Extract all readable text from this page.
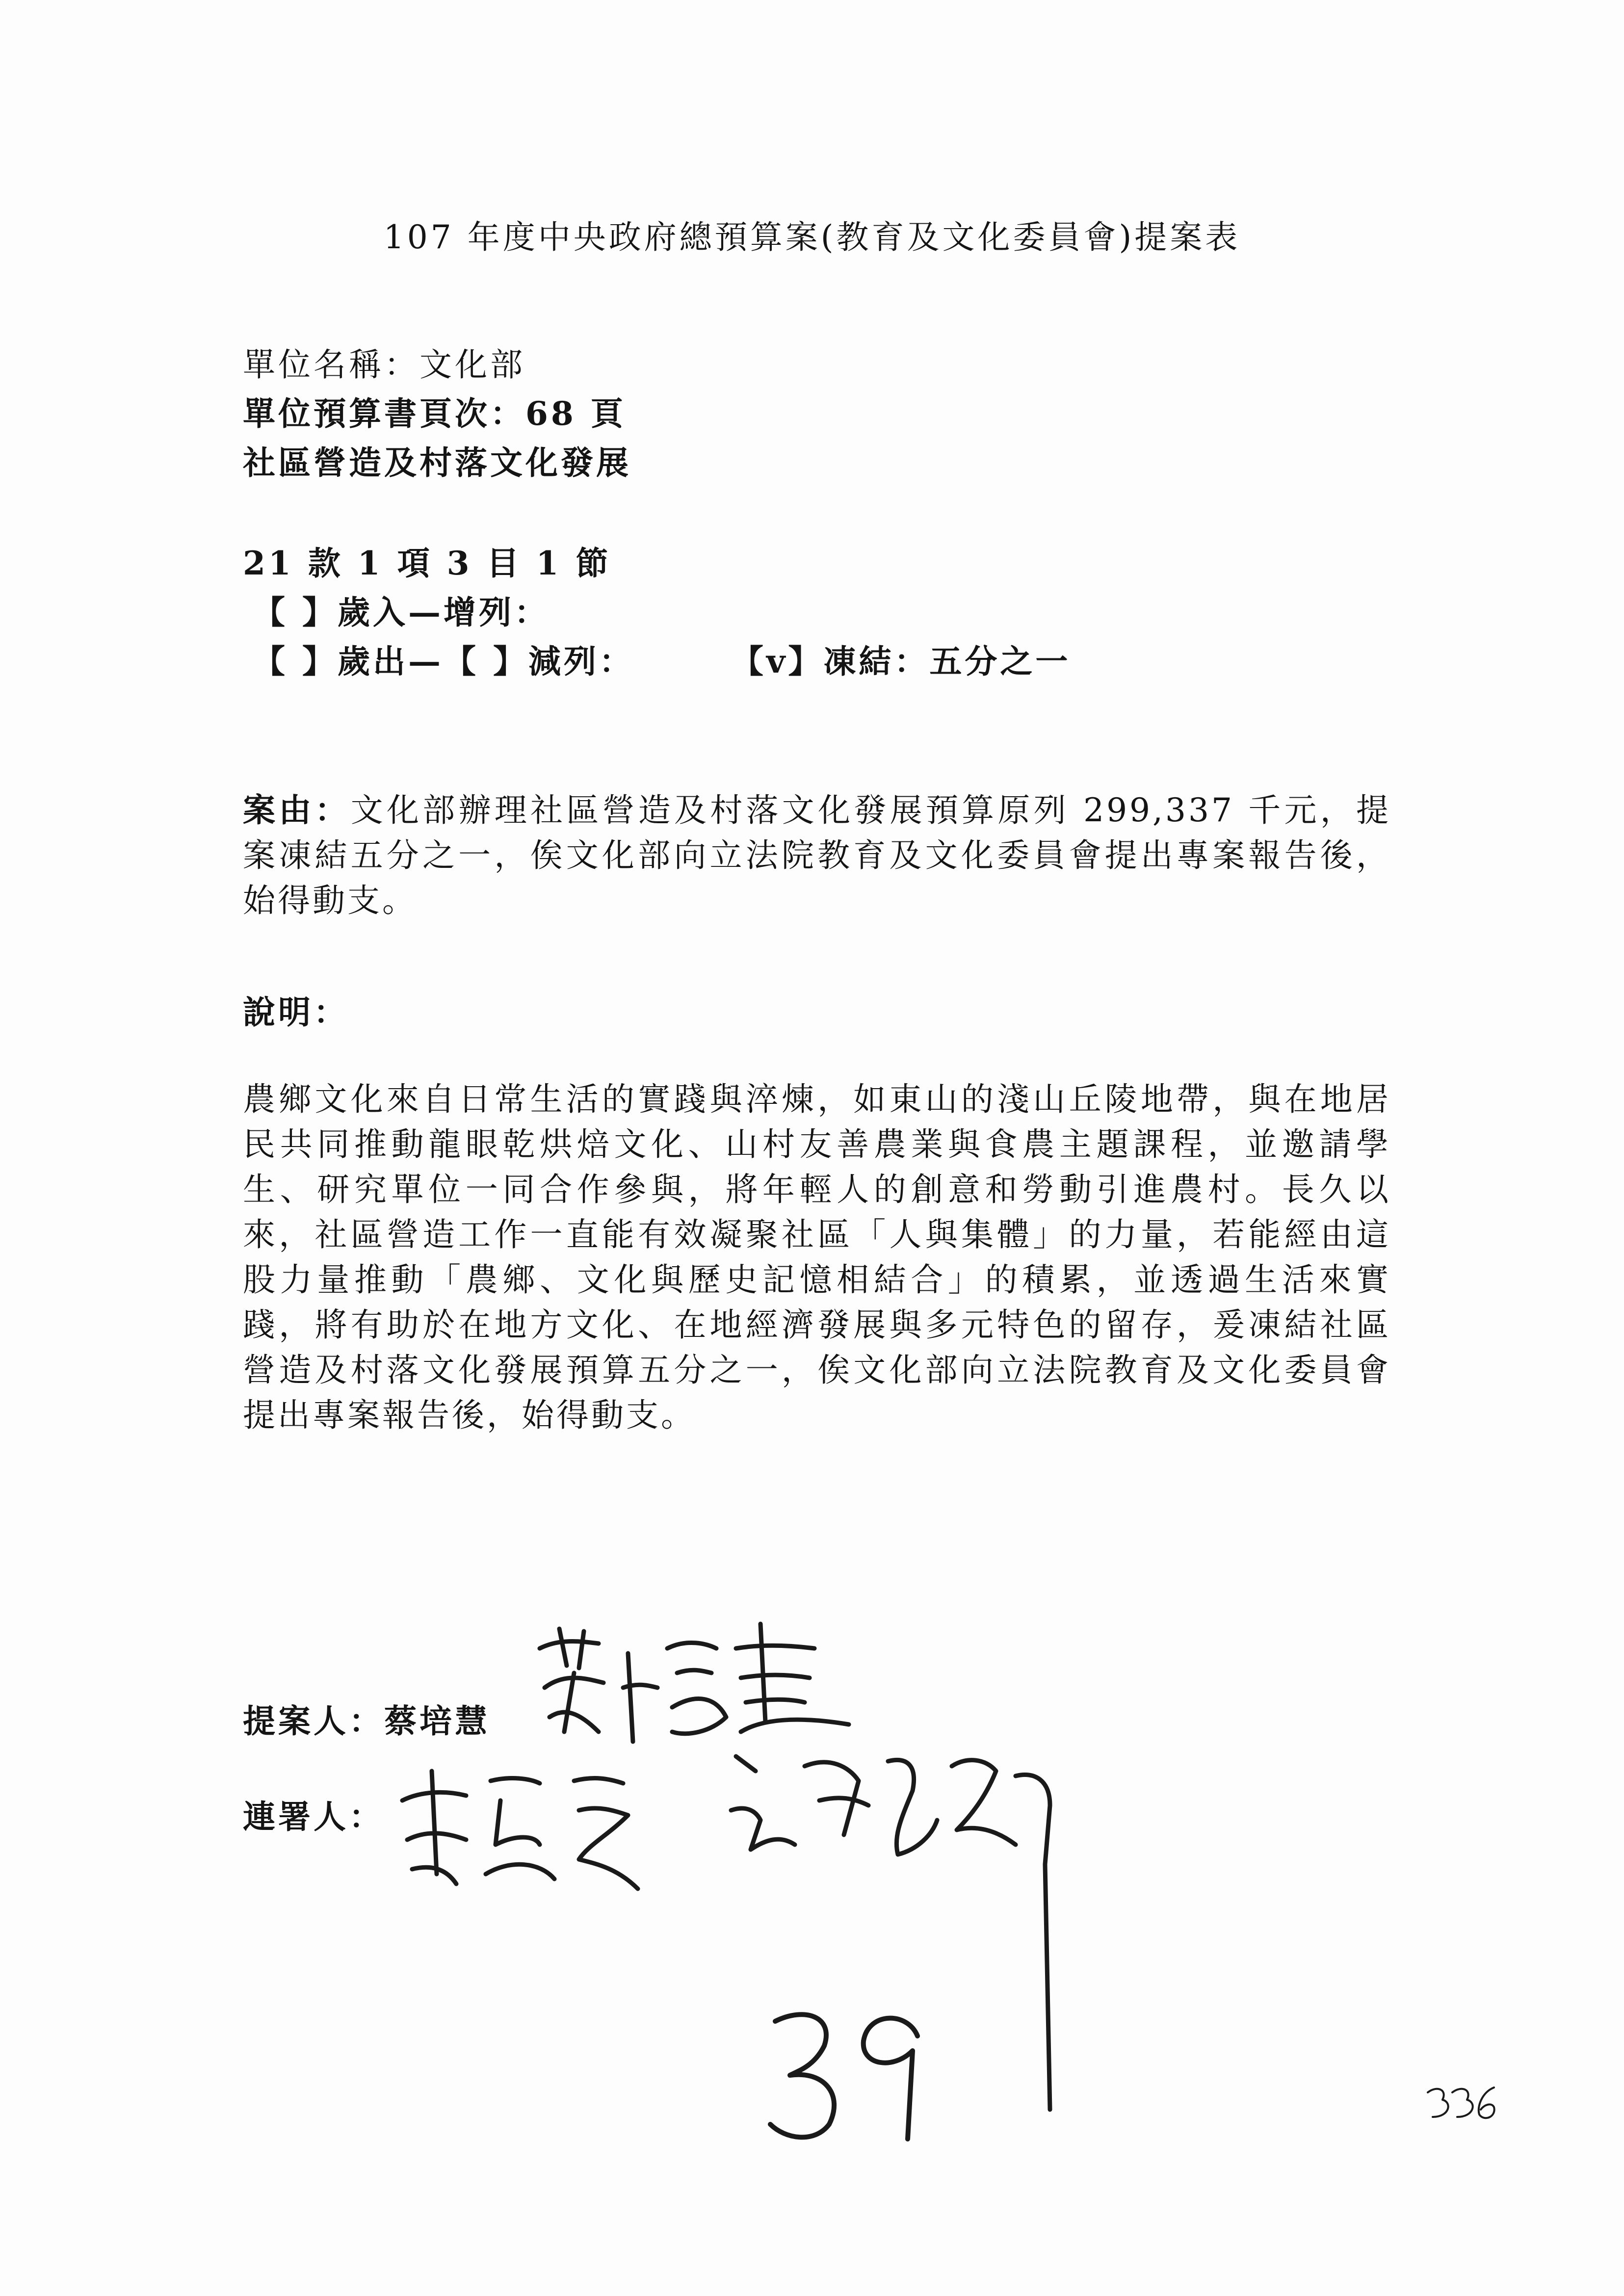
107 年度中央政府總預算案(教育及文化委員會)提案表
單位名稱：文化部
單位預算書頁次：68 頁
社區營造及村落文化發展
21 款 1 項 3 目 1 節
【 】歲入—增列：
【 】歲出—【 】減列：	【v】凍結：五分之一
案由：文化部辦理社區營造及村落文化發展預算原列 299,337 千元，提案凍結五分之一，俟文化部向立法院教育及文化委員會提出專案報告後，始得動支。
說明：
農鄉文化來自日常生活的實踐與淬煉，如東山的淺山丘陵地帶，與在地居民共同推動龍眼乾烘焙文化、山村友善農業與食農主題課程，並邀請學生、研究單位一同合作參與，將年輕人的創意和勞動引進農村。長久以來，社區營造工作一直能有效凝聚社區「人與集體」的力量，若能經由這股力量推動「農鄉、文化與歷史記憶相結合」的積累，並透過生活來實踐，將有助於在地方文化、在地經濟發展與多元特色的留存，爰凍結社區營造及村落文化發展預算五分之一，俟文化部向立法院教育及文化委員會提出專案報告後，始得動支。
提案人：蔡培慧
連署人：
